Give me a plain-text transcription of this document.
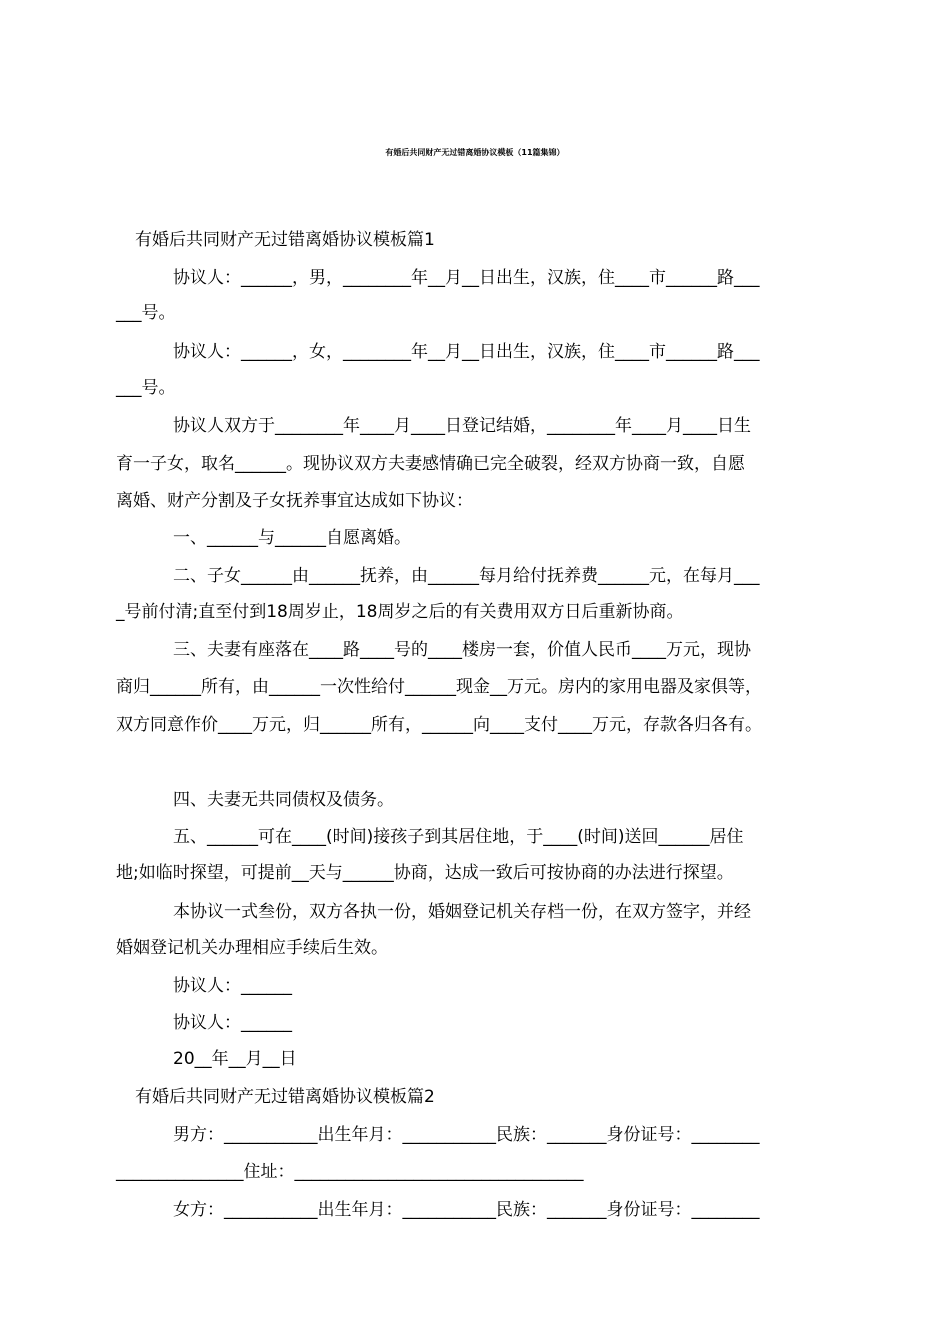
有婚后共同财产无过错离婚协议模板（11篇集锦）
有婚后共同财产无过错离婚协议模板篇1
协议人：______，男，________年__月__日出生，汉族，住____市______路___
___号。
协议人：______，女，________年__月__日出生，汉族，住____市______路___
___号。
协议人双方于________年____月____日登记结婚，________年____月____日生
育一子女，取名______。现协议双方夫妻感情确已完全破裂，经双方协商一致，自愿
离婚、财产分割及子女抚养事宜达成如下协议：
一、______与______自愿离婚。
二、子女______由______抚养，由______每月给付抚养费______元，在每月___
_号前付清;直至付到18周岁止，18周岁之后的有关费用双方日后重新协商。
三、夫妻有座落在____路____号的____楼房一套，价值人民币____万元，现协
商归______所有，由______一次性给付______现金__万元。房内的家用电器及家俱等，
双方同意作价____万元，归______所有，______向____支付____万元，存款各归各有。
四、夫妻无共同债权及债务。
五、______可在____(时间)接孩子到其居住地，于____(时间)送回______居住
地;如临时探望，可提前__天与______协商，达成一致后可按协商的办法进行探望。
本协议一式叁份，双方各执一份，婚姻登记机关存档一份，在双方签字，并经
婚姻登记机关办理相应手续后生效。
协议人：______
协议人：______
20__年__月__日
有婚后共同财产无过错离婚协议模板篇2
男方：___________出生年月：___________民族：_______身份证号：________
_______________住址：__________________________________
女方：___________出生年月：___________民族：_______身份证号：________
